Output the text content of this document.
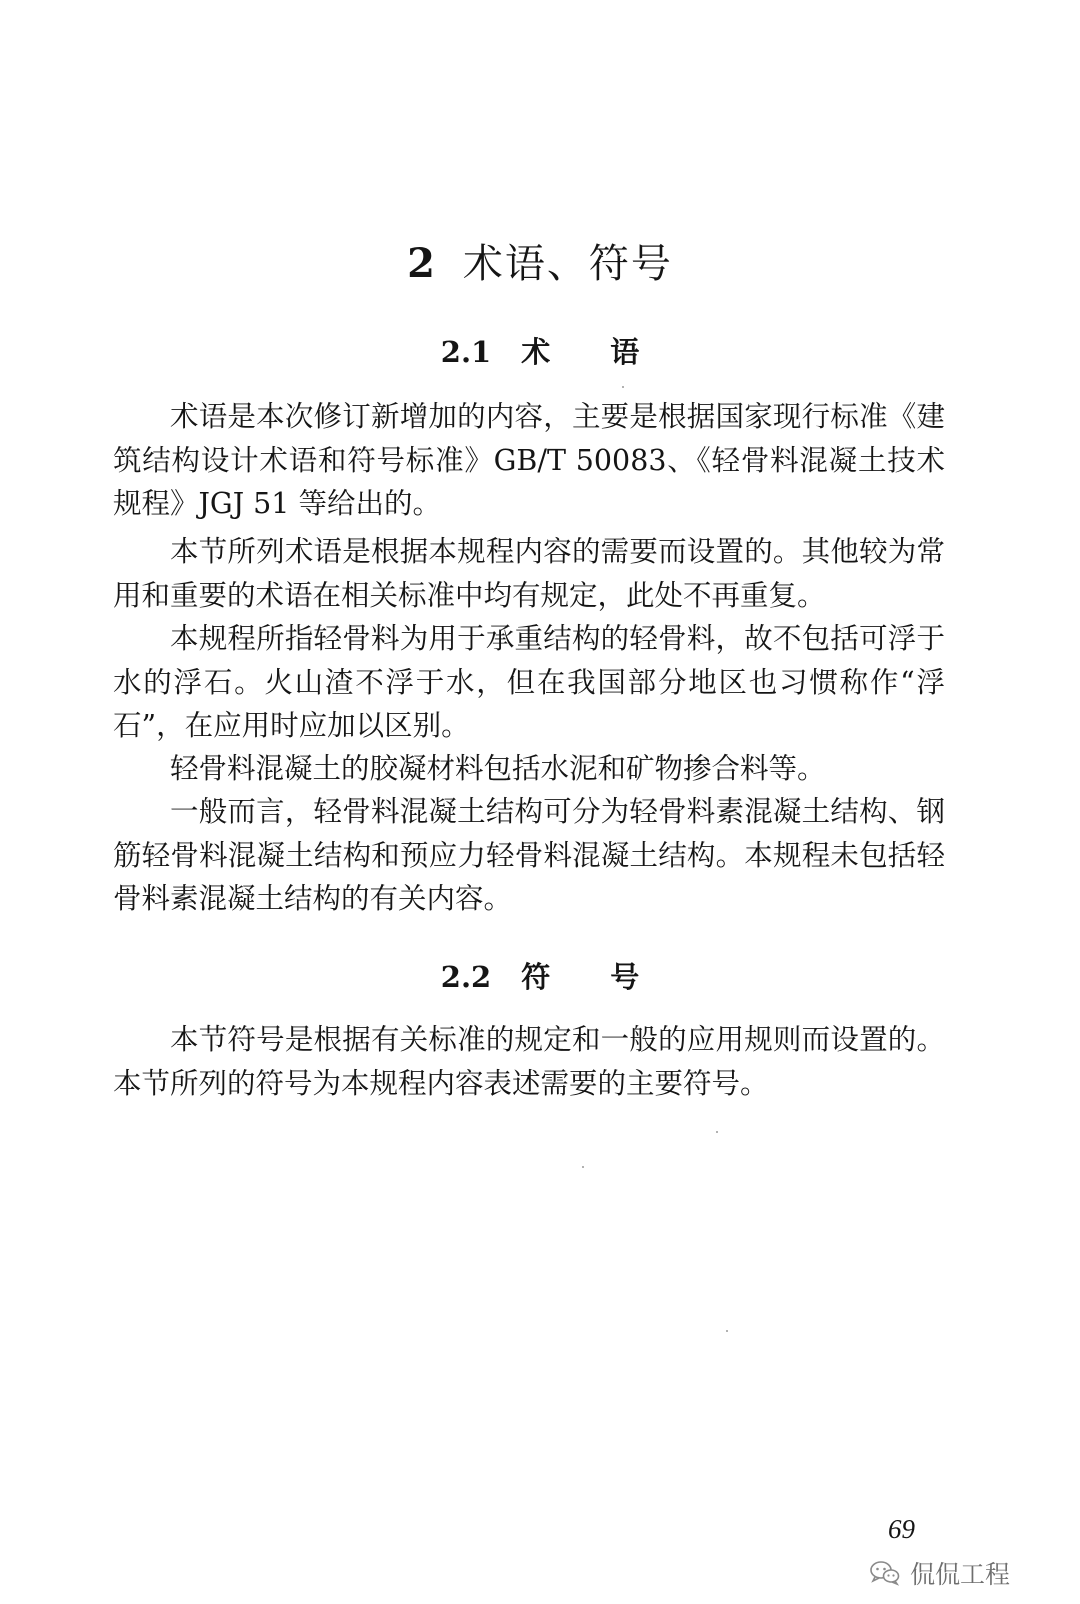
2 术语、符号
2.1 术语

术语是本次修订新增加的内容，主要是根据国家现行标准《建筑结构设计术语和符号标准》GB/T 50083、《轻骨料混凝土技术规程》JGJ 51 等给出的。

本节所列术语是根据本规程内容的需要而设置的。其他较为常用和重要的术语在相关标准中均有规定，此处不再重复。

本规程所指轻骨料为用于承重结构的轻骨料，故不包括可浮于水的浮石。火山渣不浮于水，但在我国部分地区也习惯称作“浮石”，在应用时应加以区别。

轻骨料混凝土的胶凝材料包括水泥和矿物掺合料等。

一般而言，轻骨料混凝土结构可分为轻骨料素混凝土结构、钢筋轻骨料混凝土结构和预应力轻骨料混凝土结构。本规程未包括轻骨料素混凝土结构的有关内容。

2.2 符号

本节符号是根据有关标准的规定和一般的应用规则而设置的。本节所列的符号为本规程内容表述需要的主要符号。

69
侃侃工程
